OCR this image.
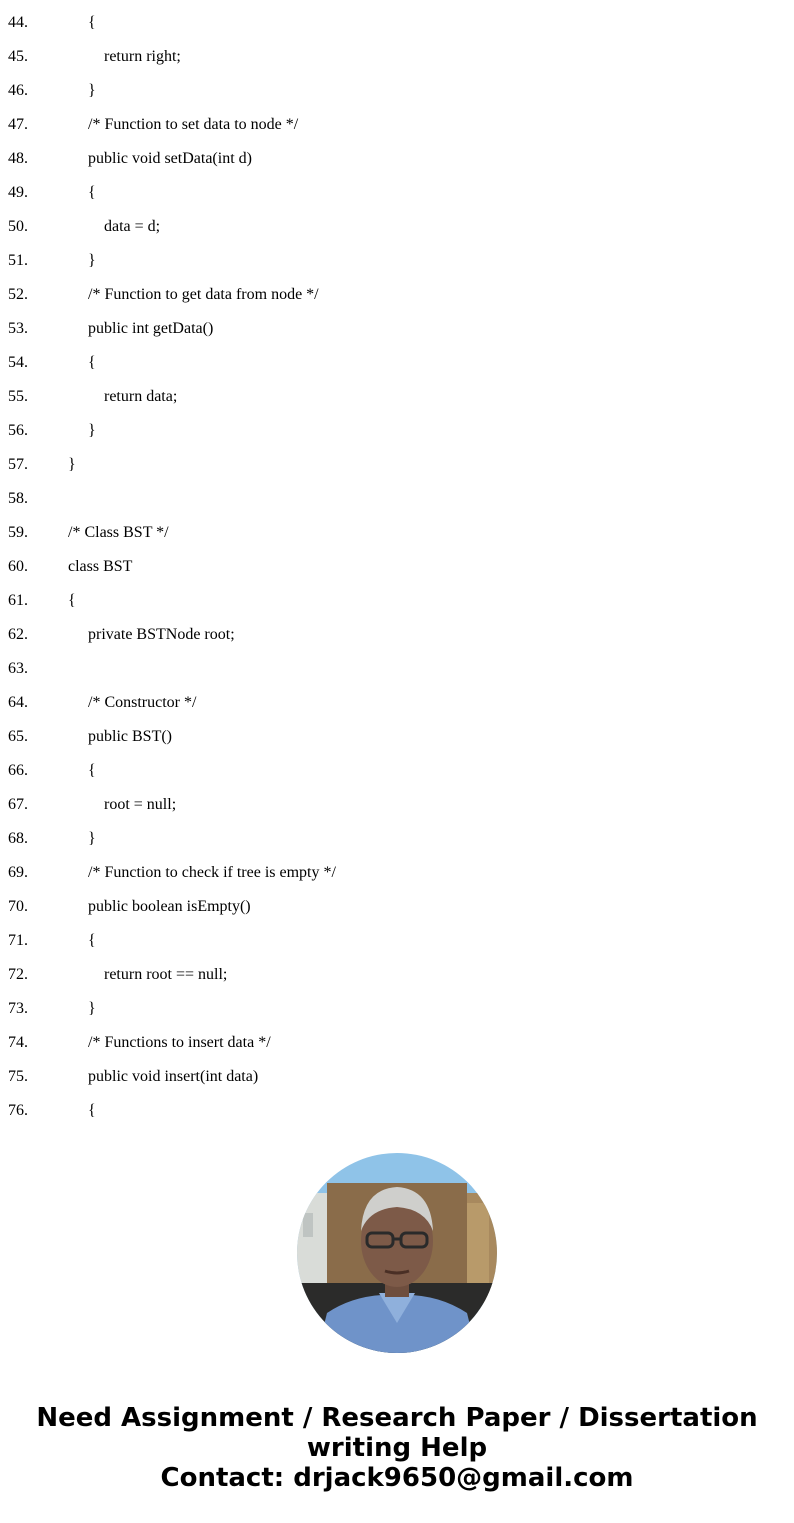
44.	{
45.	return right;
46.	}
47.	/* Function to set data to node */
48.	public void setData(int d)
49.	{
50.	data = d;
51.	}
52.	/* Function to get data from node */
53.	public int getData()
54.	{
55.	return data;
56.	}
57.	}
58.
59.	/* Class BST */
60.	class BST
61.	{
62.	private BSTNode root;
63.
64.	/* Constructor */
65.	public BST()
66.	{
67.	root = null;
68.	}
69.	/* Function to check if tree is empty */
70.	public boolean isEmpty()
71.	{
72.	return root == null;
73.	}
74.	/* Functions to insert data */
75.	public void insert(int data)
76.	{
Need Assignment / Research Paper / Dissertation
writing Help
Contact: drjack9650@gmail.com
